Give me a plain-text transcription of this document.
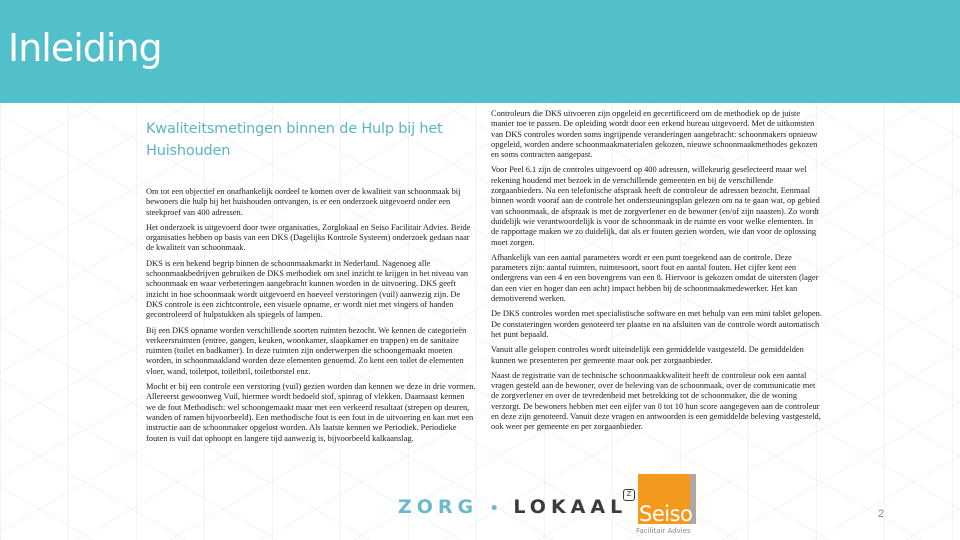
Inleiding
Kwaliteitsmetingen binnen de Hulp bij het Huishouden

Om tot een objectief en onafhankelijk oordeel te komen over de kwaliteit van schoonmaak bij bewoners die hulp bij het huishouden ontvangen, is er een onderzoek uitgevoerd onder een steekproef van 400 adressen.

Het onderzoek is uitgevoerd door twee organisaties, Zorglokaal en Seiso Facilitair Advies. Beide organisaties hebben op basis van een DKS (Dagelijks Kontrole Systeem) onderzoek gedaan naar de kwaliteit van schoonmaak.

DKS is een bekend begrip binnen de schoonmaakmarkt in Nederland. Nagenoeg alle schoonmaakbedrijven gebruiken de DKS methodiek om snel inzicht te krijgen in het niveau van schoonmaak en waar verbeteringen aangebracht kunnen worden in de uitvoering. DKS geeft inzicht in hoe schoonmaak wordt uitgevoerd en hoeveel verstoringen (vuil) aanwezig zijn. De DKS controle is een zichtcontrole, een visuele opname, er wordt niet met vingers of handen gecontroleerd of hulpstukken als spiegels of lampen.

Bij een DKS opname worden verschillende soorten ruimten bezocht. We kennen de categorieën verkeersruimten (entree, gangen, keuken, woonkamer, slaapkamer en trappen) en de sanitaire ruimten (toilet en badkamer). In deze ruimten zijn onderwerpen die schoongemaakt moeten worden, in schoonmaakland worden deze elementen genoemd. Zo kent een toilet de elementen vloer, wand, toiletpot, toiletbril, toiletborstel enz.

Mocht er bij een controle een verstoring (vuil) gezien worden dan kennen we deze in drie vormen. Allereerst gewoonweg Vuil, hiermee wordt bedoeld stof, spinrag of vlekken. Daarnaast kennen we de fout Methodisch: wel schoongemaakt maar met een verkeerd resultaat (strepen op deuren, wanden of ramen bijvoorbeeld). Een methodische fout is een fout in de uitvoering en kan met een instructie aan de schoonmaker opgelost worden. Als laatste kennen we Periodiek. Periodieke fouten is vuil dat ophoopt en langere tijd aanwezig is, bijvoorbeeld kalkaanslag.

Controleurs die DKS uitvoeren zijn opgeleid en gecertificeerd om de methodiek op de juiste manier toe te passen. De opleiding wordt door een erkend bureau uitgevoerd. Met de uitkomsten van DKS controles worden soms ingrijpende veranderingen aangebracht: schoonmakers opnieuw opgeleid, worden andere schoonmaakmaterialen gekozen, nieuwe schoonmaakmethodes gekozen en soms contracten aangepast.

Voor Peel 6.1 zijn de controles uitgevoerd op 400 adressen, willekeurig geselecteerd maar wel rekening houdend met bezoek in de verschillende gemeenten en bij de verschillende zorgaanbieders. Na een telefonische afspraak heeft de controleur de adressen bezocht. Eenmaal binnen wordt vooraf aan de controle het ondersteuningsplan gelezen om na te gaan wat, op gebied van schoonmaak, de afspraak is met de zorgverlener en de bewoner (en/of zijn naasten). Zo wordt duidelijk wie verantwoordelijk is voor de schoonmaak in de ruimte en voor welke elementen. In de rapportage maken we zo duidelijk, dat als er fouten gezien worden, wie dan voor de oplossing moet zorgen.

Afhankelijk van een aantal parameters wordt er een punt toegekend aan de controle. Deze parameters zijn: aantal ruimten, ruimtesoort, soort fout en aantal fouten. Het cijfer kent een ondergrens van een 4 en een bovengrens van een 8. Hiervoor is gekozen omdat de uitersten (lager dan een vier en hoger dan een acht) impact hebben bij de schoonmaakmedewerker. Het kan demotiverend werken.

De DKS controles worden met specialistische software en met behulp van een mini tablet gelopen. De constateringen worden genoteerd ter plaatse en na afsluiten van de controle wordt automatisch het punt bepaald.

Vanuit alle gelopen controles wordt uiteindelijk een gemiddelde vastgesteld. De gemiddelden kunnen we presenteren per gemeente maar ook per zorgaanbieder.

Naast de registratie van de technische schoonmaakkwaliteit heeft de controleur ook een aantal vragen gesteld aan de bewoner, over de beleving van de schoonmaak, over de communicatie met de zorgverlener en over de tevredenheid met betrekking tot de schoonmaker, die de woning verzorgt. De bewoners hebben met een eijfer van 0 tot 10 hun score aangegeven aan de controleur en deze zijn genoteerd. Vanuit deze vragen en antwoorden is een gemiddelde beleving vastgesteld, ook weer per gemeente en per zorgaanbieder.

ZORG • LOKAAL
Z
Seiso
Facilitair Advies
2
